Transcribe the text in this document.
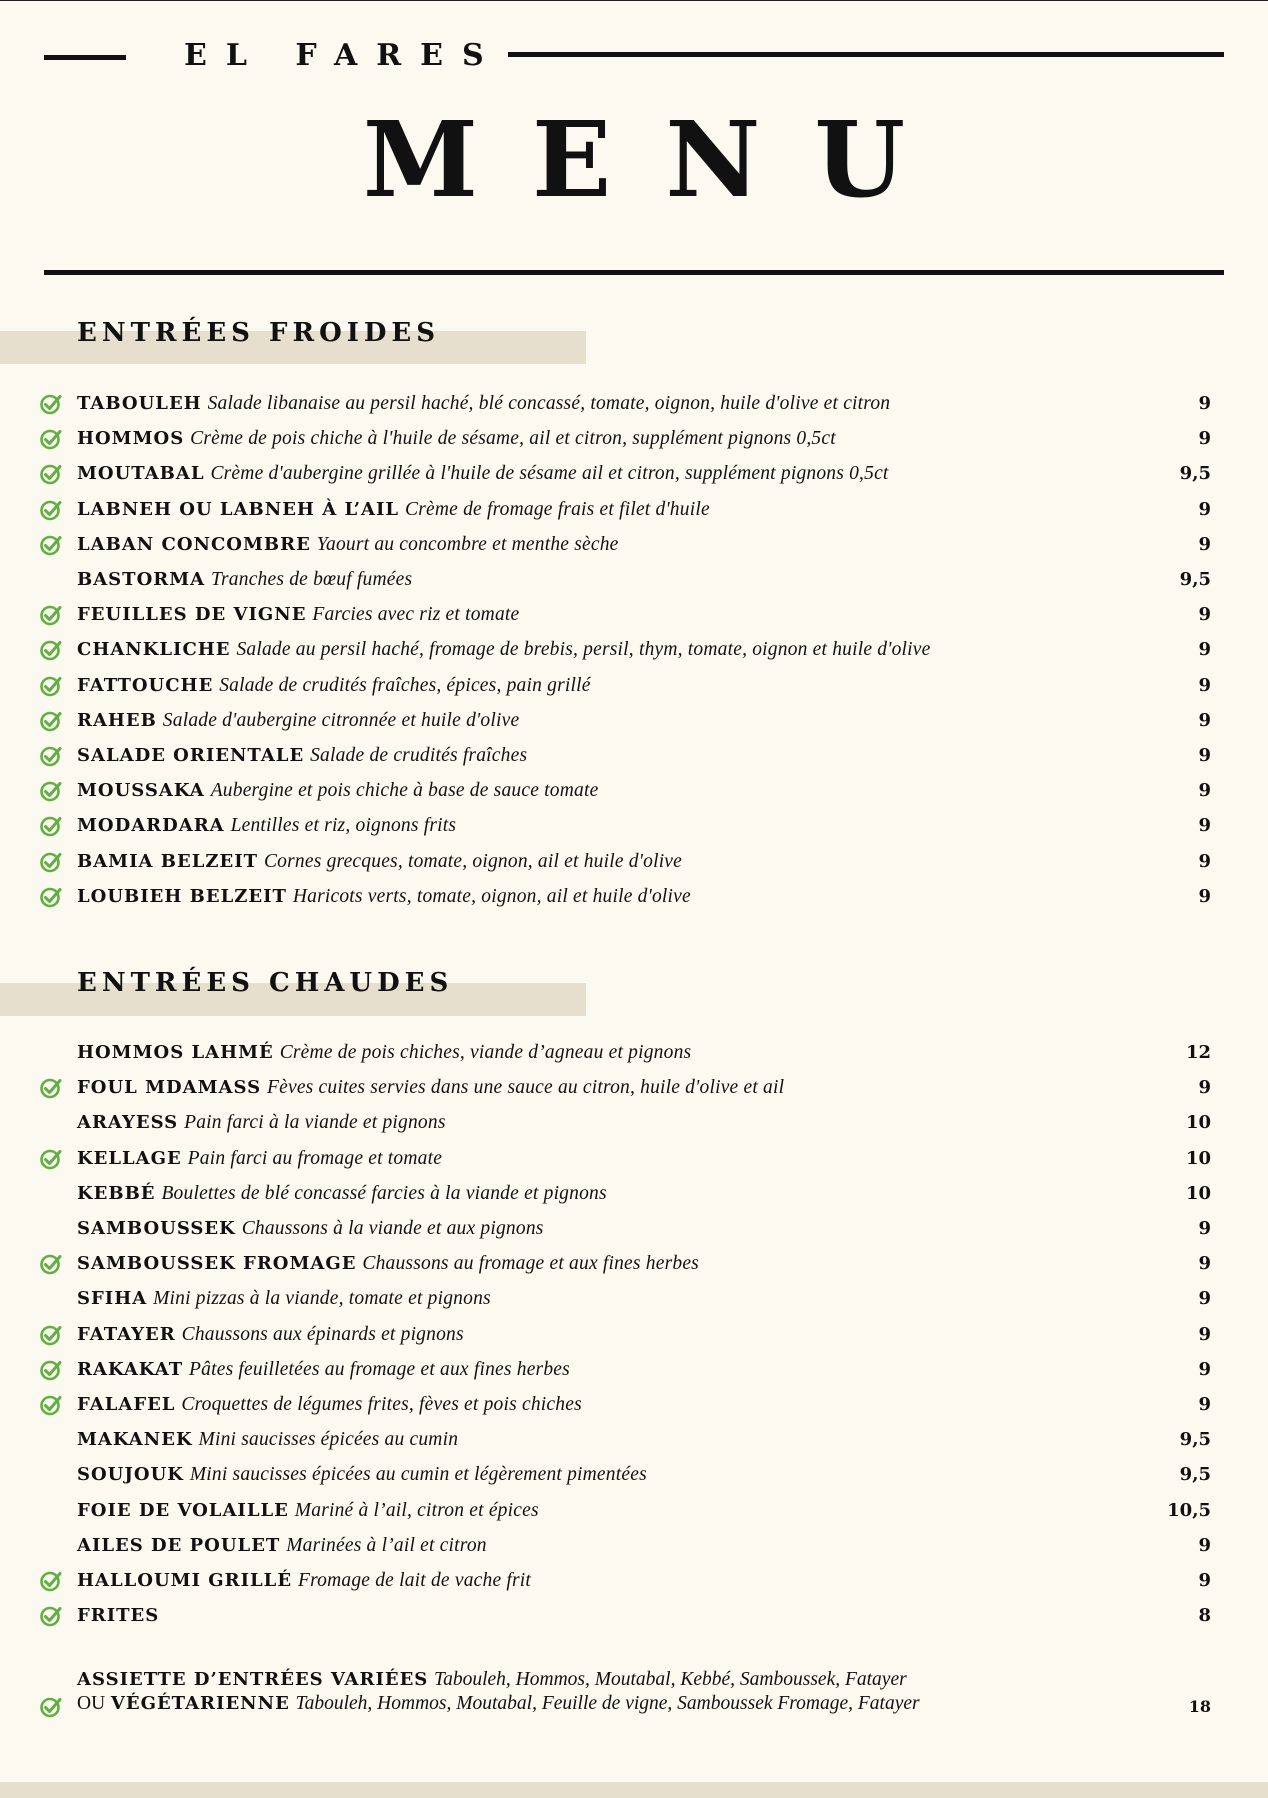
EL FARES
MENU
ENTRÉES FROIDES
TABOULEH Salade libanaise au persil haché, blé concassé, tomate, oignon, huile d'olive et citron	9
HOMMOS Crème de pois chiche à l'huile de sésame, ail et citron, supplément pignons 0,5ct	9
MOUTABAL Crème d'aubergine grillée à l'huile de sésame ail et citron, supplément pignons 0,5ct	9,5
LABNEH OU LABNEH À L’AIL Crème de fromage frais et filet d'huile	9
LABAN CONCOMBRE Yaourt au concombre et menthe sèche	9
BASTORMA Tranches de bœuf fumées	9,5
FEUILLES DE VIGNE Farcies avec riz et tomate	9
CHANKLICHE Salade au persil haché, fromage de brebis, persil, thym, tomate, oignon et huile d'olive	9
FATTOUCHE Salade de crudités fraîches, épices, pain grillé	9
RAHEB Salade d'aubergine citronnée et huile d'olive	9
SALADE ORIENTALE Salade de crudités fraîches	9
MOUSSAKA Aubergine et pois chiche à base de sauce tomate	9
MODARDARA Lentilles et riz, oignons frits	9
BAMIA BELZEIT Cornes grecques, tomate, oignon, ail et huile d'olive	9
LOUBIEH BELZEIT Haricots verts, tomate, oignon, ail et huile d'olive	9
ENTRÉES CHAUDES
HOMMOS LAHMÉ Crème de pois chiches, viande d’agneau et pignons	12
FOUL MDAMASS Fèves cuites servies dans une sauce au citron, huile d'olive et ail	9
ARAYESS Pain farci à la viande et pignons	10
KELLAGE Pain farci au fromage et tomate	10
KEBBÉ Boulettes de blé concassé farcies à la viande et pignons	10
SAMBOUSSEK Chaussons à la viande et aux pignons	9
SAMBOUSSEK FROMAGE Chaussons au fromage et aux fines herbes	9
SFIHA Mini pizzas à la viande, tomate et pignons	9
FATAYER Chaussons aux épinards et pignons	9
RAKAKAT Pâtes feuilletées au fromage et aux fines herbes	9
FALAFEL Croquettes de légumes frites, fèves et pois chiches	9
MAKANEK Mini saucisses épicées au cumin	9,5
SOUJOUK Mini saucisses épicées au cumin et légèrement pimentées	9,5
FOIE DE VOLAILLE Mariné à l’ail, citron et épices	10,5
AILES DE POULET Marinées à l’ail et citron	9
HALLOUMI GRILLÉ Fromage de lait de vache frit	9
FRITES	8
ASSIETTE D’ENTRÉES VARIÉES Tabouleh, Hommos, Moutabal, Kebbé, Samboussek, Fatayer
OU VÉGÉTARIENNE Tabouleh, Hommos, Moutabal, Feuille de vigne, Samboussek Fromage, Fatayer	18
